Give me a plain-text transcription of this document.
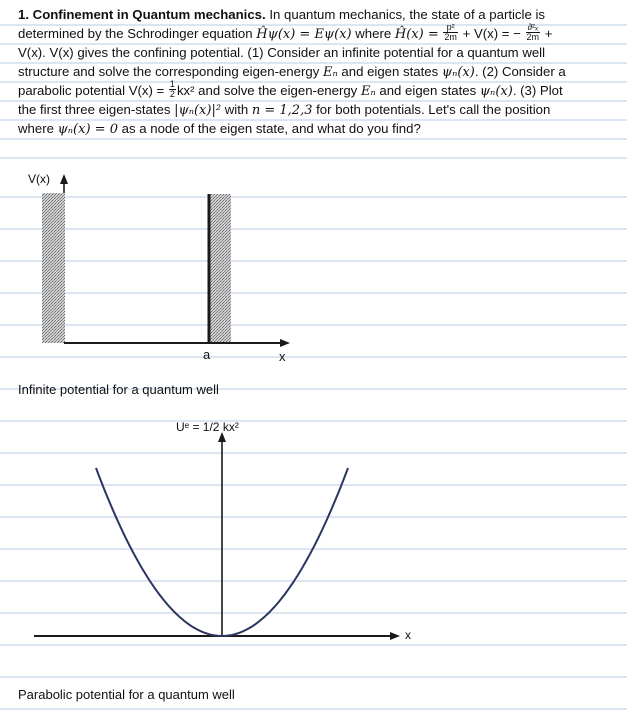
1. Confinement in Quantum mechanics. In quantum mechanics, the state of a particle is
determined by the Schrodinger equation Ĥψ(x) = Eψ(x) where Ĥ(x) = $\frac{\text{p²}}{2m} + V(x)$ = − $\frac{\text{∂²ₓ}}{2m}$ +
V(x). V(x) gives the confining potential. (1) Consider an infinite potential for a quantum well
structure and solve the corresponding eigen-energy Eₙ and eigen states ψₙ(x). (2) Consider a
parabolic potential $V(x) = \frac{1}{2} kx^2$ and solve the eigen-energy Eₙ and eigen states ψₙ(x). (3) Plot
the first three eigen-states |ψₙ(x)|² with n = 1,2,3 for both potentials. Let's call the position
where ψₙ(x) = 0 as a node of the eigen state, and what do you find?
V(x)
a	x
Infinite potential for a quantum well
Uᵉ = 1/2 kx²
x
Parabolic potential for a quantum well
